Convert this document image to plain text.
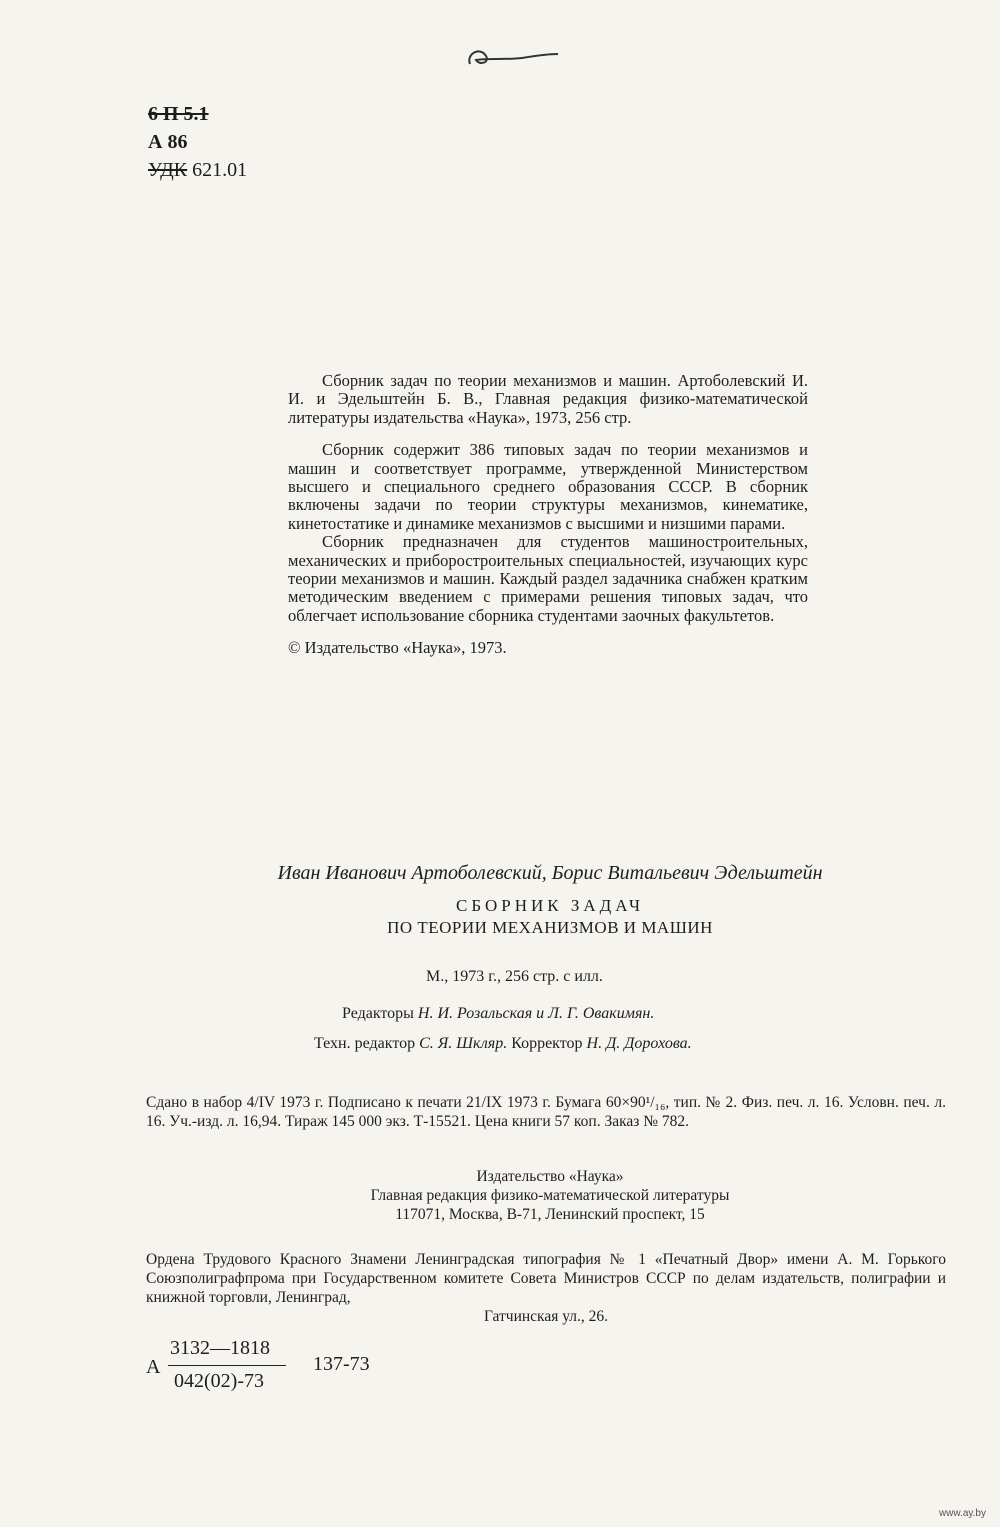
6 П 5.1
А 86
УДК 621.01

Сборник задач по теории механизмов и машин. Артоболевский И. И. и Эдельштейн Б. В., Главная редакция физико-математической литературы издательства «Наука», 1973, 256 стр.

Сборник содержит 386 типовых задач по теории механизмов и машин и соответствует программе, утвержденной Министерством высшего и специального среднего образования СССР. В сборник включены задачи по теории структуры механизмов, кинематике, кинетостатике и динамике механизмов с высшими и низшими парами.

Сборник предназначен для студентов машиностроительных, механических и приборостроительных специальностей, изучающих курс теории механизмов и машин. Каждый раздел задачника снабжен кратким методическим введением с примерами решения типовых задач, что облегчает использование сборника студентами заочных факультетов.

© Издательство «Наука», 1973.

Иван Иванович Артоболевский, Борис Витальевич Эдельштейн
СБОРНИК ЗАДАЧ
ПО ТЕОРИИ МЕХАНИЗМОВ И МАШИН
М., 1973 г., 256 стр. с илл.
Редакторы Н. И. Розальская и Л. Г. Овакимян.
Техн. редактор С. Я. Шкляр. Корректор Н. Д. Дорохова.

Сдано в набор 4/IV 1973 г. Подписано к печати 21/IX 1973 г. Бумага 60×90¹/₁₆, тип. № 2. Физ. печ. л. 16. Условн. печ. л. 16. Уч.-изд. л. 16,94. Тираж 145 000 экз. Т-15521. Цена книги 57 коп. Заказ № 782.

Издательство «Наука»
Главная редакция физико-математической литературы
117071, Москва, В-71, Ленинский проспект, 15

Ордена Трудового Красного Знамени Ленинградская типография № 1 «Печатный Двор» имени А. М. Горького Союзполиграфпрома при Государственном комитете Совета Министров СССР по делам издательств, полиграфии и книжной торговли, Ленинград,

Гатчинская ул., 26.

А
3132—1818
042(02)-73
137-73
www.ay.by
